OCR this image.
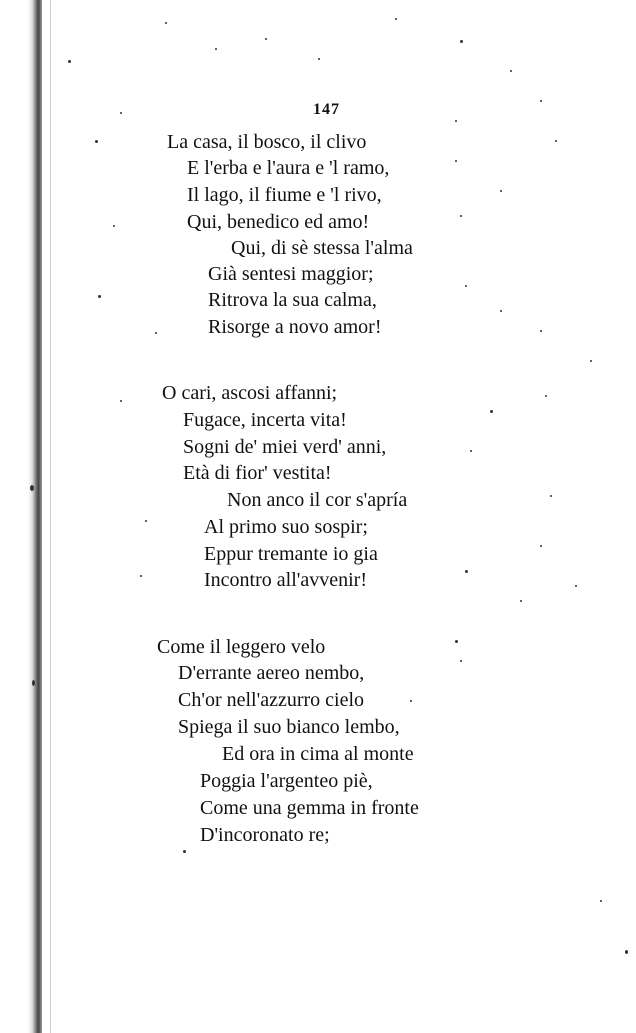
147
La casa, il bosco, il clivo
E l'erba e l'aura e 'l ramo,
Il lago, il fiume e 'l rivo,
Qui, benedico ed amo!
Qui, di sè stessa l'alma
Già sentesi maggior;
Ritrova la sua calma,
Risorge a novo amor!
O cari, ascosi affanni;
Fugace, incerta vita!
Sogni de' miei verd' anni,
Età di fior' vestita!
Non anco il cor s'apría
Al primo suo sospir;
Eppur tremante io gia
Incontro all'avvenir!
Come il leggero velo
D'errante aereo nembo,
Ch'or nell'azzurro cielo
Spiega il suo bianco lembo,
Ed ora in cima al monte
Poggia l'argenteo piè,
Come una gemma in fronte
D'incoronato re;
